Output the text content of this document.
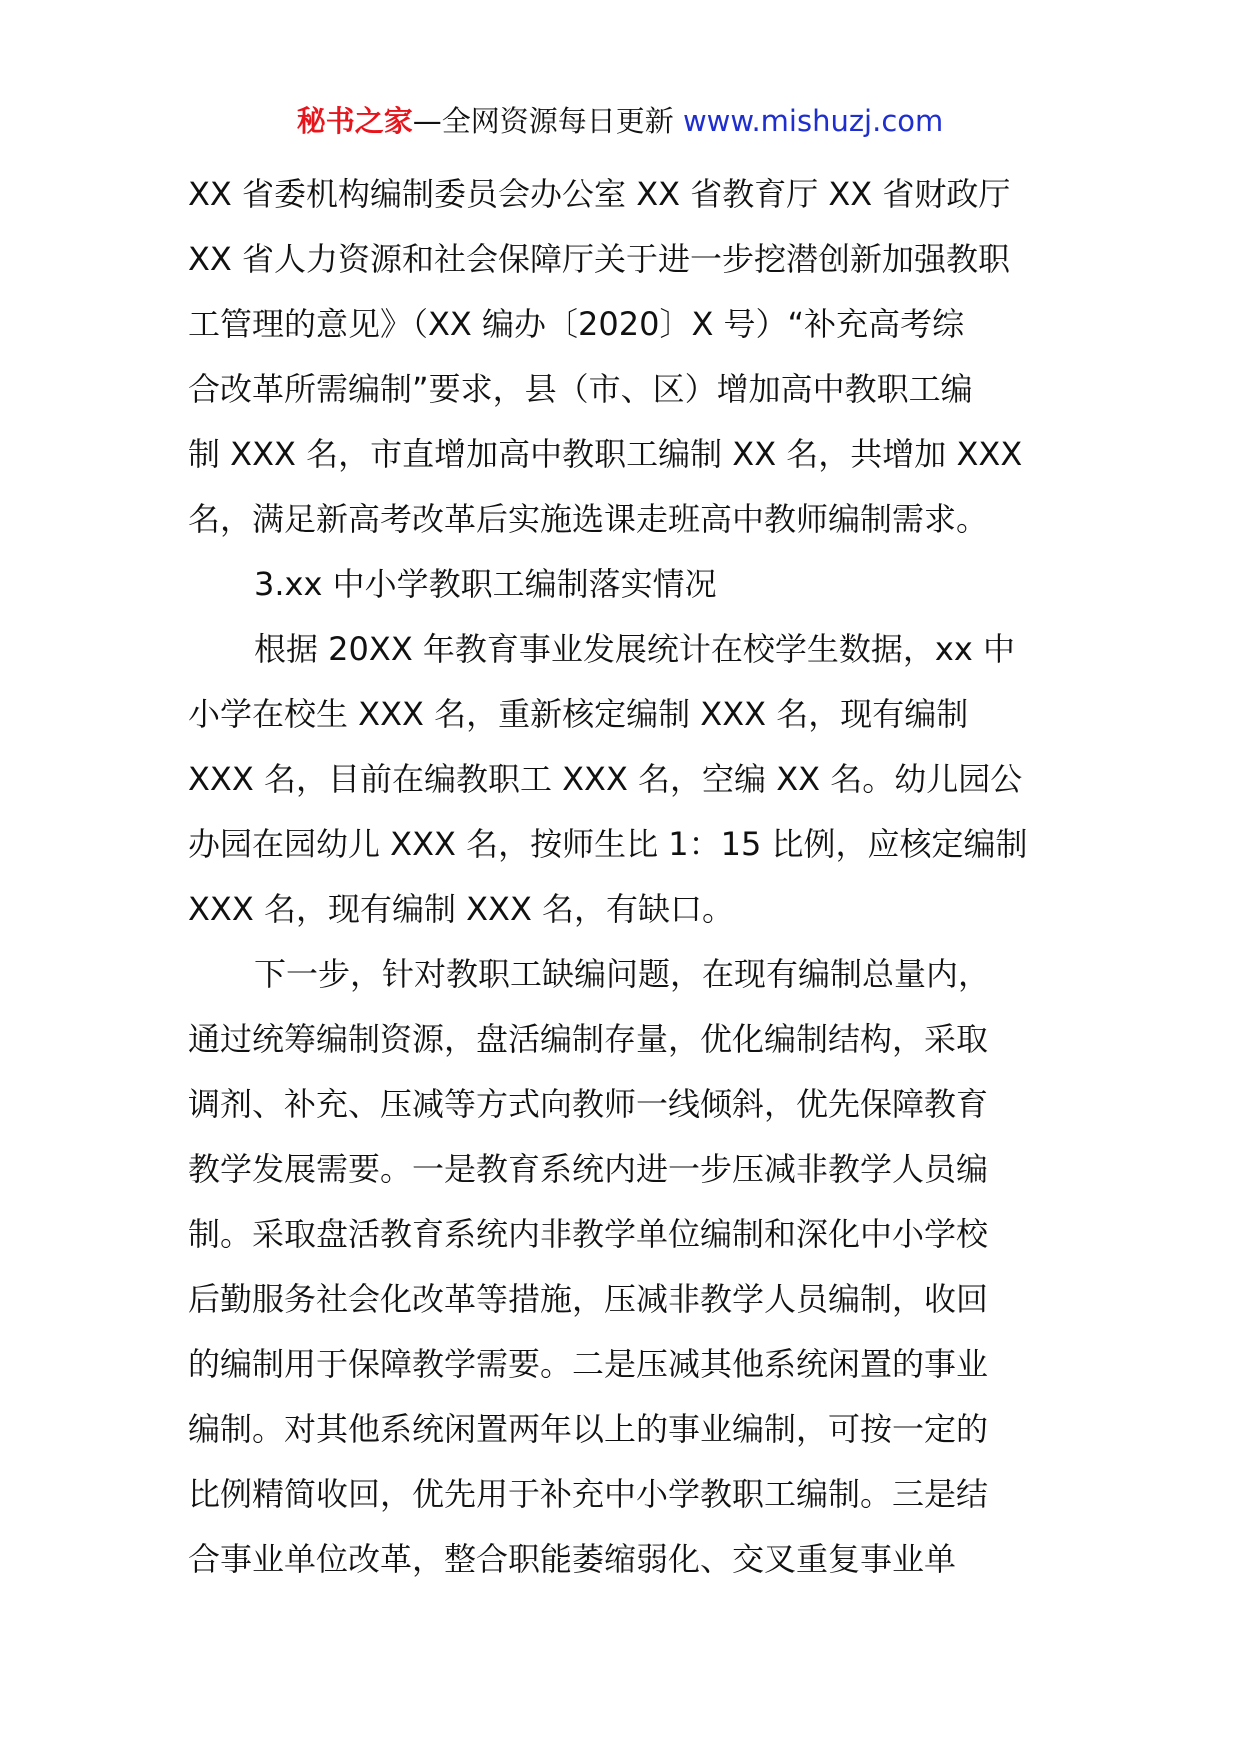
秘书之家—全网资源每日更新 www.mishuzj.com
XX 省委机构编制委员会办公室 XX 省教育厅 XX 省财政厅
XX 省人力资源和社会保障厅关于进一步挖潜创新加强教职
工管理的意见》（XX 编办〔2020〕X 号）“补充高考综
合改革所需编制”要求，县（市、区）增加高中教职工编
制 XXX 名，市直增加高中教职工编制 XX 名，共增加 XXX
名，满足新高考改革后实施选课走班高中教师编制需求。
3.xx 中小学教职工编制落实情况
根据 20XX 年教育事业发展统计在校学生数据，xx 中
小学在校生 XXX 名，重新核定编制 XXX 名，现有编制
XXX 名，目前在编教职工 XXX 名，空编 XX 名。幼儿园公
办园在园幼儿 XXX 名，按师生比 1：15 比例，应核定编制
XXX 名，现有编制 XXX 名，有缺口。
下一步，针对教职工缺编问题，在现有编制总量内，
通过统筹编制资源，盘活编制存量，优化编制结构，采取
调剂、补充、压减等方式向教师一线倾斜，优先保障教育
教学发展需要。一是教育系统内进一步压减非教学人员编
制。采取盘活教育系统内非教学单位编制和深化中小学校
后勤服务社会化改革等措施，压减非教学人员编制，收回
的编制用于保障教学需要。二是压减其他系统闲置的事业
编制。对其他系统闲置两年以上的事业编制，可按一定的
比例精简收回，优先用于补充中小学教职工编制。三是结
合事业单位改革，整合职能萎缩弱化、交叉重复事业单
